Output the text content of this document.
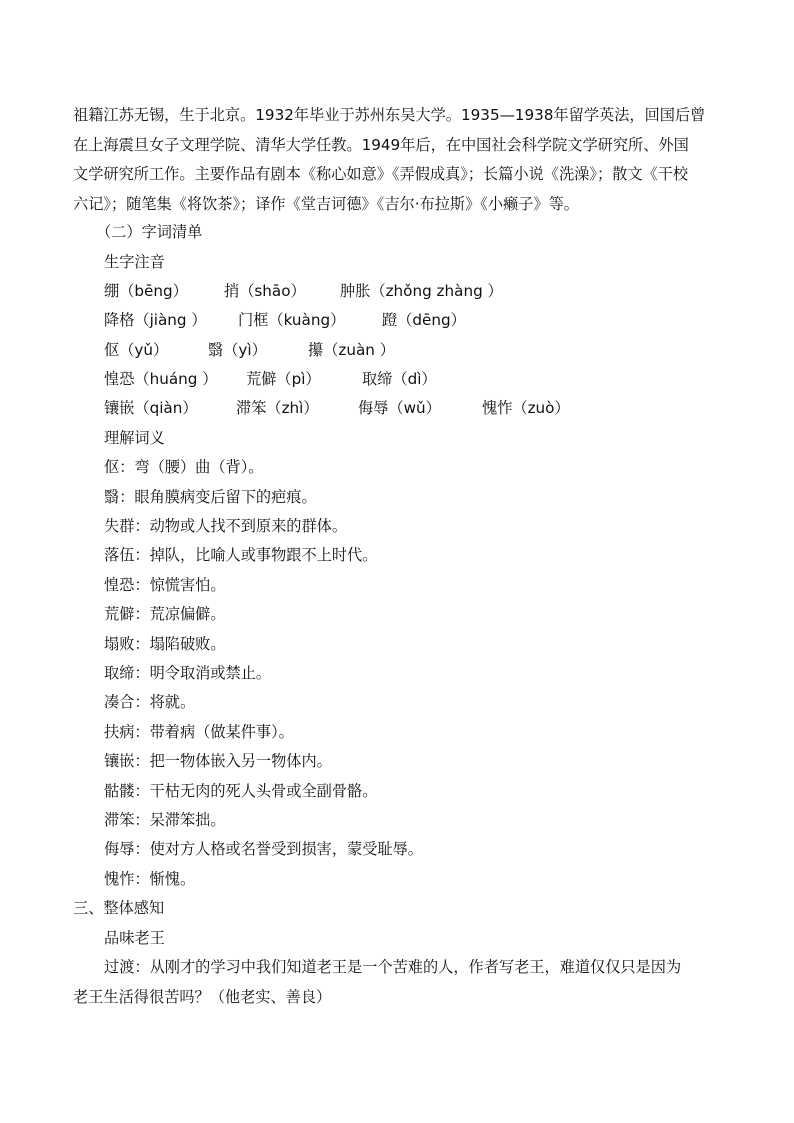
祖籍江苏无锡，生于北京。1932年毕业于苏州东吴大学。1935—1938年留学英法，回国后曾
在上海震旦女子文理学院、清华大学任教。1949年后，在中国社会科学院文学研究所、外国
文学研究所工作。主要作品有剧本《称心如意》《弄假成真》；长篇小说《洗澡》；散文《干校
六记》；随笔集《将饮茶》；译作《堂吉诃德》《吉尔·布拉斯》《小癞子》等。
（二）字词清单
生字注音
绷（bēng） 捎（shāo） 肿胀（zhǒng zhàng ）
降格（jiàng ） 门框（kuàng） 蹬（dēng）
伛（yǔ）	翳（yì）	攥（zuàn ）
惶恐（huáng ） 荒僻（pì）	取缔（dì）
镶嵌（qiàn）	滞笨（zhì）	侮辱（wǔ）	愧怍（zuò）
理解词义
伛：弯（腰）曲（背）。
翳：眼角膜病变后留下的疤痕。
失群：动物或人找不到原来的群体。
落伍：掉队，比喻人或事物跟不上时代。
惶恐：惊慌害怕。
荒僻：荒凉偏僻。
塌败：塌陷破败。
取缔：明令取消或禁止。
凑合：将就。
扶病：带着病（做某件事）。
镶嵌：把一物体嵌入另一物体内。
骷髅：干枯无肉的死人头骨或全副骨骼。
滞笨：呆滞笨拙。
侮辱：使对方人格或名誉受到损害，蒙受耻辱。
愧怍：惭愧。
三、整体感知
品味老王
过渡：从刚才的学习中我们知道老王是一个苦难的人，作者写老王，难道仅仅只是因为
老王生活得很苦吗？（他老实、善良）
